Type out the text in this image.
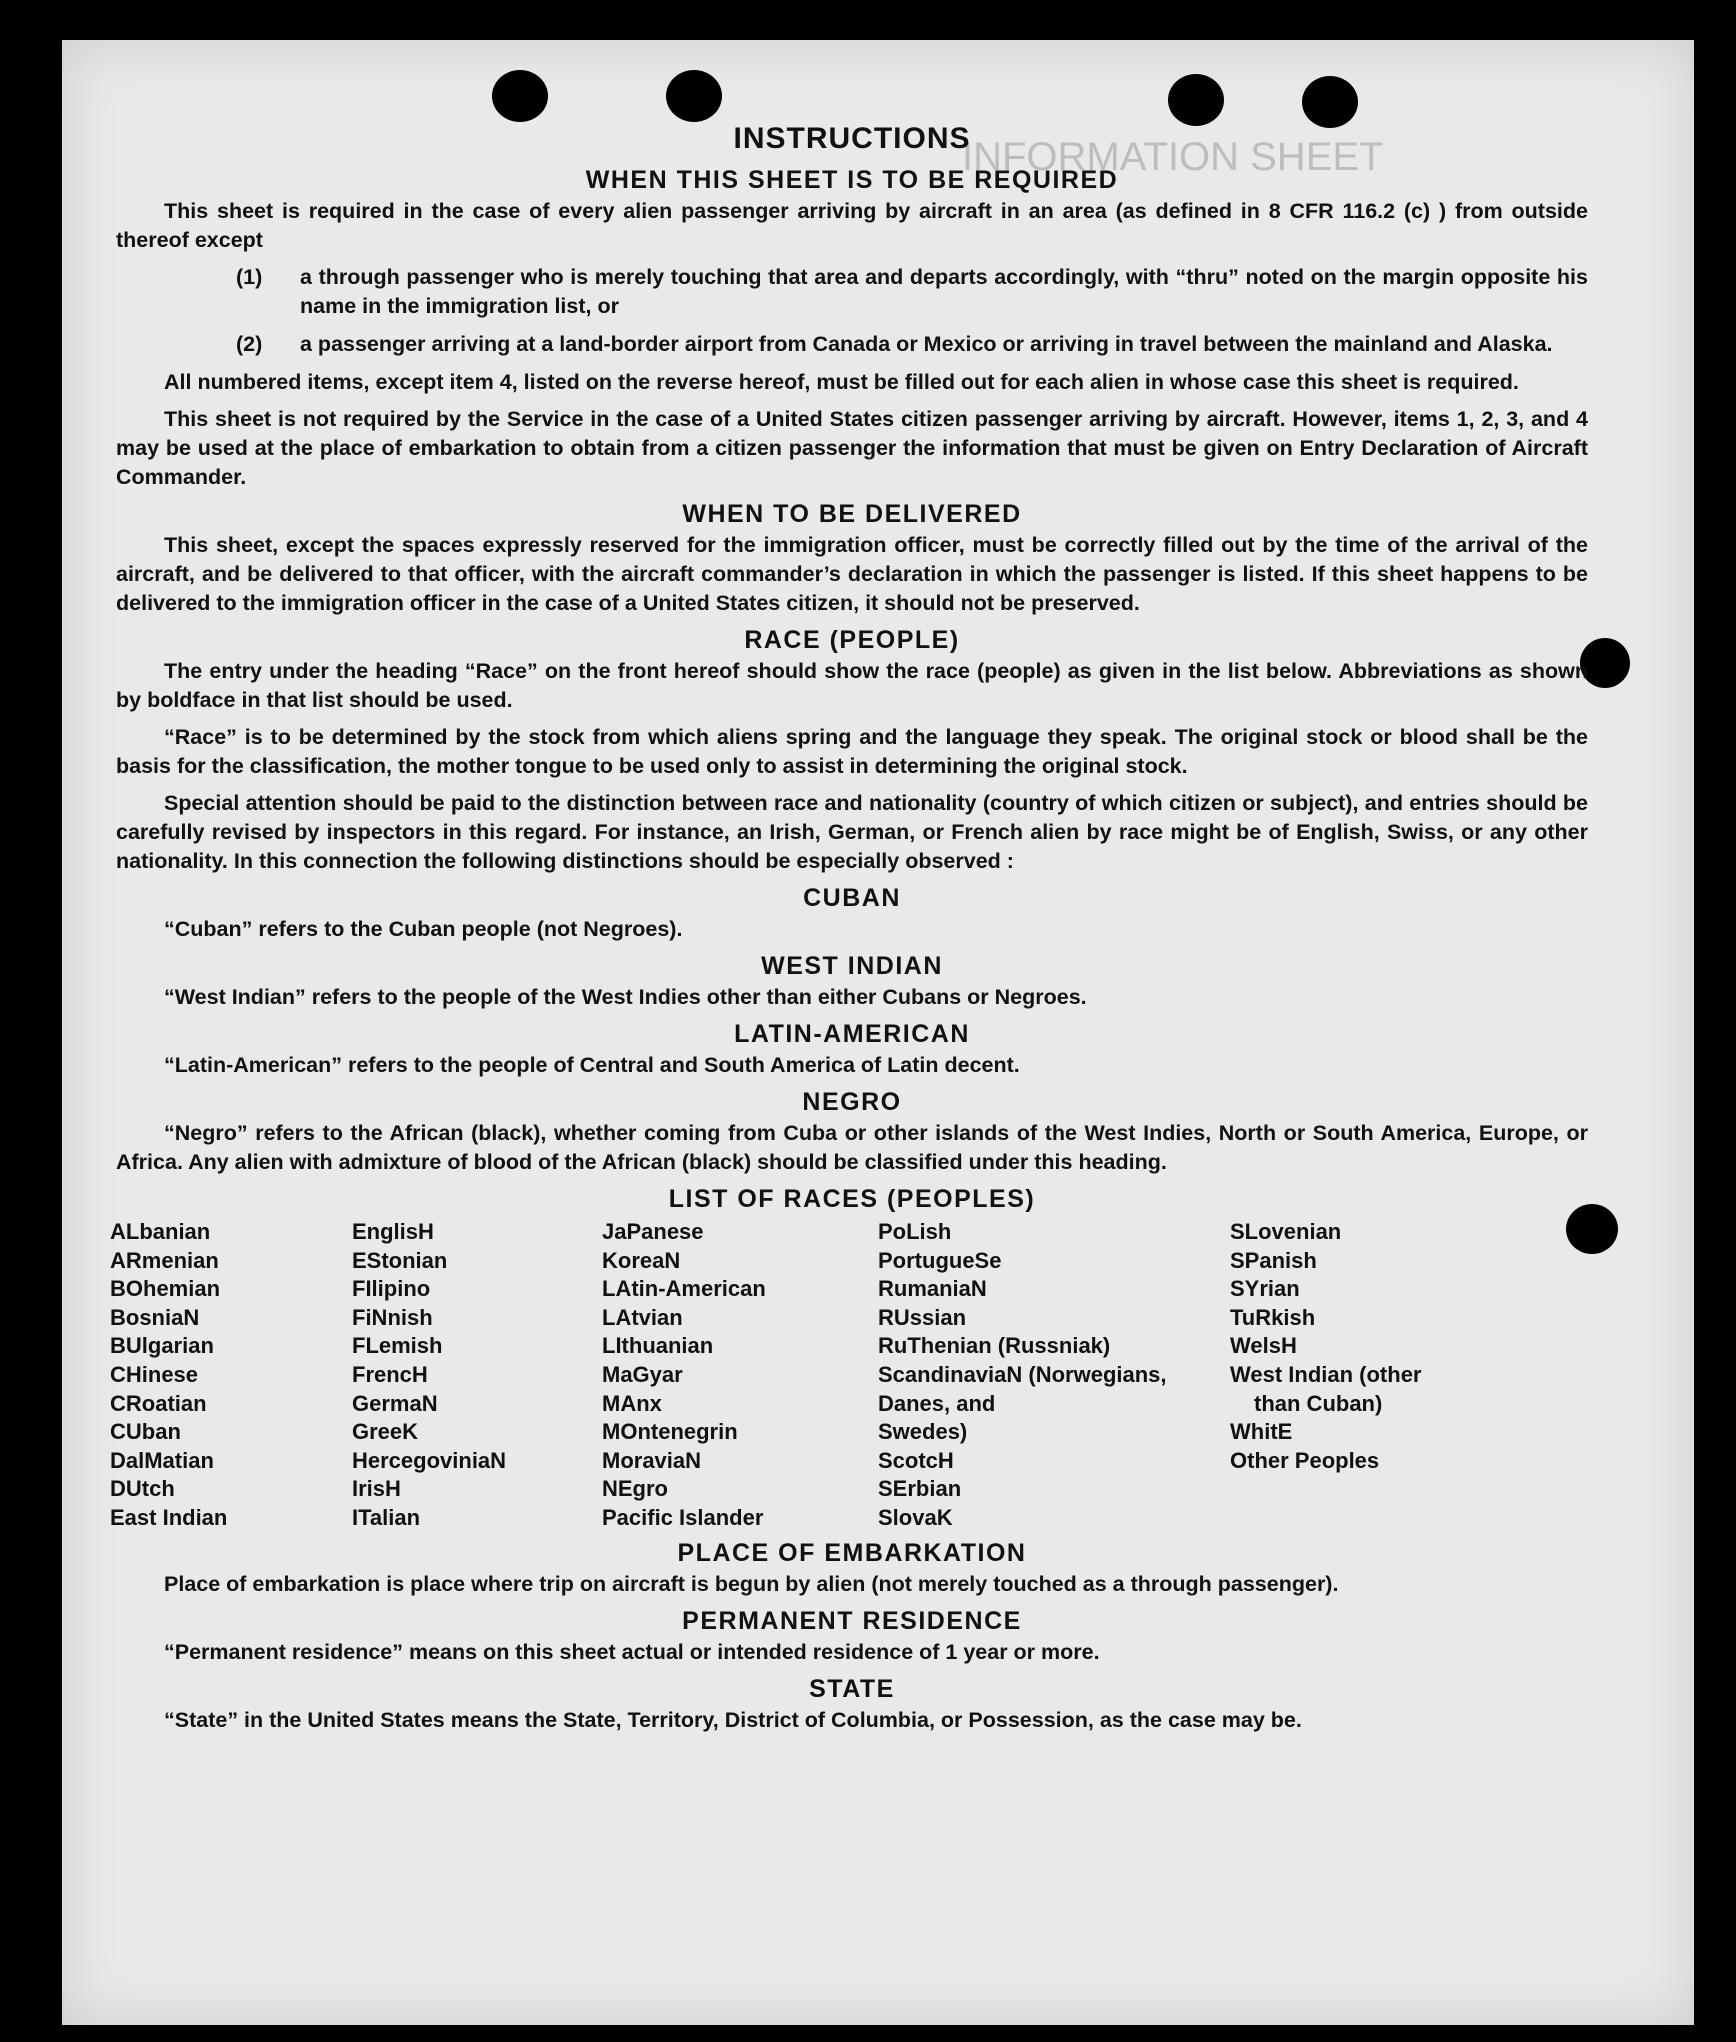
INFORMATION SHEET
INSTRUCTIONS
WHEN THIS SHEET IS TO BE REQUIRED

This sheet is required in the case of every alien passenger arriving by aircraft in an area (as defined in 8 CFR 116.2 (c) ) from outside thereof except

(1)	a through passenger who is merely touching that area and departs accordingly, with “thru” noted on the margin opposite his name in the immigration list, or
(2)	a passenger arriving at a land-border airport from Canada or Mexico or arriving in travel between the mainland and Alaska.

All numbered items, except item 4, listed on the reverse hereof, must be filled out for each alien in whose case this sheet is required.

This sheet is not required by the Service in the case of a United States citizen passenger arriving by aircraft. However, items 1, 2, 3, and 4 may be used at the place of embarkation to obtain from a citizen passenger the information that must be given on Entry Declaration of Aircraft Commander.

WHEN TO BE DELIVERED

This sheet, except the spaces expressly reserved for the immigration officer, must be correctly filled out by the time of the arrival of the aircraft, and be delivered to that officer, with the aircraft commander’s declaration in which the passenger is listed. If this sheet happens to be delivered to the immigration officer in the case of a United States citizen, it should not be preserved.

RACE (PEOPLE)

The entry under the heading “Race” on the front hereof should show the race (people) as given in the list below. Abbreviations as shown by boldface in that list should be used.

“Race” is to be determined by the stock from which aliens spring and the language they speak. The original stock or blood shall be the basis for the classification, the mother tongue to be used only to assist in determining the original stock.

Special attention should be paid to the distinction between race and nationality (country of which citizen or subject), and entries should be carefully revised by inspectors in this regard. For instance, an Irish, German, or French alien by race might be of English, Swiss, or any other nationality. In this connection the following distinctions should be especially observed :

CUBAN

“Cuban” refers to the Cuban people (not Negroes).

WEST INDIAN

“West Indian” refers to the people of the West Indies other than either Cubans or Negroes.

LATIN-AMERICAN

“Latin-American” refers to the people of Central and South America of Latin decent.

NEGRO

“Negro” refers to the African (black), whether coming from Cuba or other islands of the West Indies, North or South America, Europe, or Africa. Any alien with admixture of blood of the African (black) should be classified under this heading.

LIST OF RACES (PEOPLES)
ALbanian
ARmenian
BOhemian
BosniaN
BUlgarian
CHinese
CRoatian
CUban
DalMatian
DUtch
East Indian
EnglisH
EStonian
FIlipino
FiNnish
FLemish
FrencH
GermaN
GreeK
HercegoviniaN
IrisH
ITalian
JaPanese
KoreaN
LAtin-American
LAtvian
LIthuanian
MaGyar
MAnx
MOntenegrin
MoraviaN
NEgro
Pacific Islander
PoLish
PortugueSe
RumaniaN
RUssian
RuThenian (Russniak)
ScandinaviaN (Norwegians,
Danes, and
Swedes)
ScotcH
SErbian
SlovaK
SLovenian
SPanish
SYrian
TuRkish
WelsH
West Indian (other
than Cuban)
WhitE
Other Peoples
PLACE OF EMBARKATION

Place of embarkation is place where trip on aircraft is begun by alien (not merely touched as a through passenger).

PERMANENT RESIDENCE

“Permanent residence” means on this sheet actual or intended residence of 1 year or more.

STATE

“State” in the United States means the State, Territory, District of Columbia, or Possession, as the case may be.
